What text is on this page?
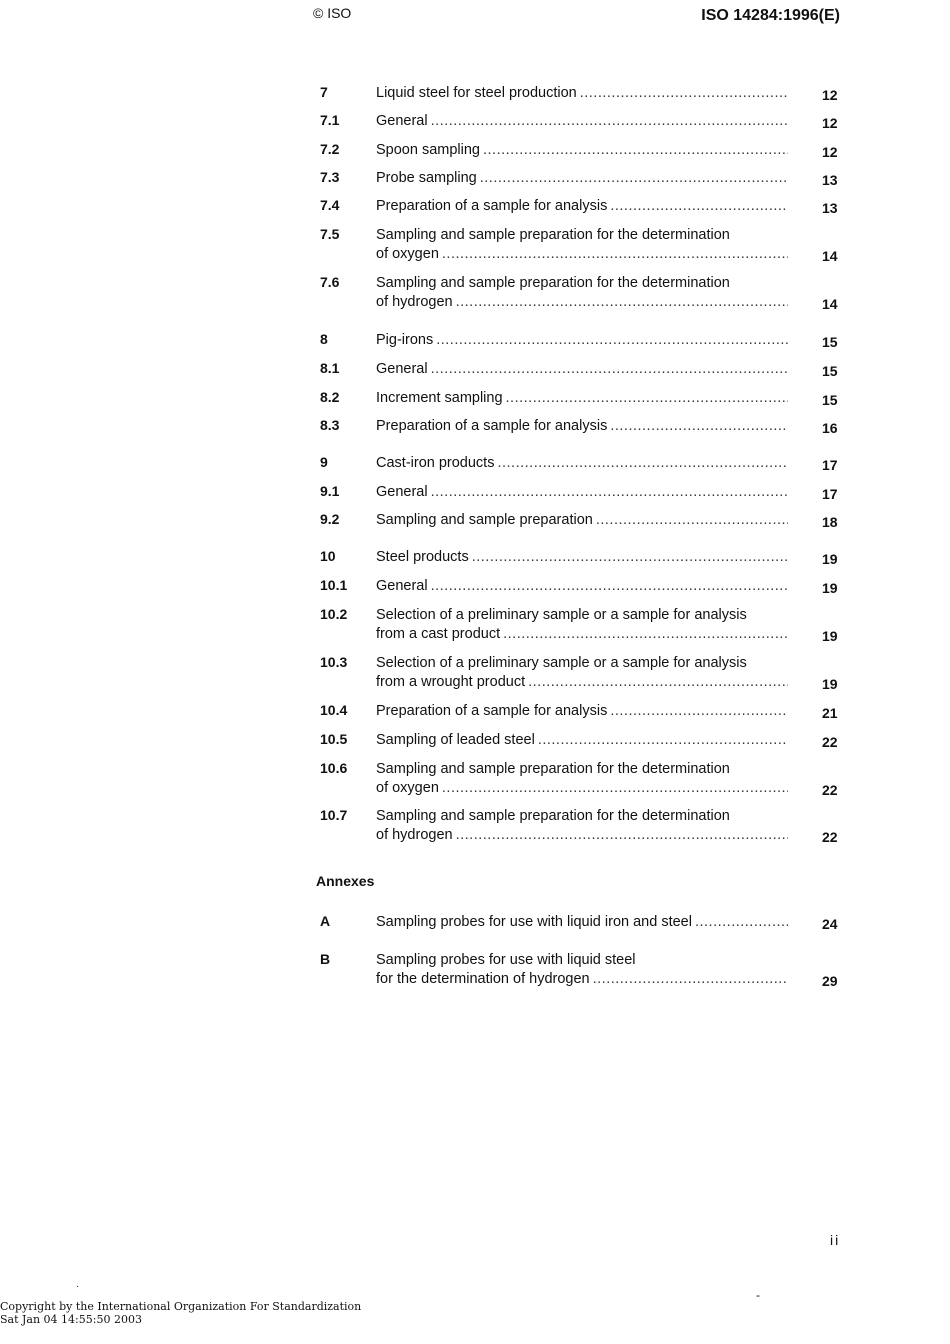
© ISO	ISO 14284:1996(E)
7	Liquid steel for steel production .....	12
7.1	General .....	12
7.2	Spoon sampling .....	12
7.3	Probe sampling .....	13
7.4	Preparation of a sample for analysis .....	13
7.5	Sampling and sample preparation for the determination
of oxygen .....	14
7.6	Sampling and sample preparation for the determination
of hydrogen .....	14
8	Pig-irons .....	15
8.1	General .....	15
8.2	Increment sampling .....	15
8.3	Preparation of a sample for analysis .....	16
9	Cast-iron products .....	17
9.1	General .....	17
9.2	Sampling and sample preparation .....	18
10	Steel products .....	19
10.1 General .....	19
10.2 Selection of a preliminary sample or a sample for analysis
from a cast product .....	19
10.3 Selection of a preliminary sample or a sample for analysis
from a wrought product .....	19
10.4 Preparation of a sample for analysis .....	21
10.5 Sampling of leaded steel .....	22
10.6 Sampling and sample preparation for the determination
of oxygen .....	22
10.7 Sampling and sample preparation for the determination
of hydrogen .....	22
Annexes
A	Sampling probes for use with liquid iron and steel .....	24
B	Sampling probes for use with liquid steel
for the determination of hydrogen .....	29
·
-
ii
Copyright by the International Organization For Standardization
Sat Jan 04 14:55:50 2003
